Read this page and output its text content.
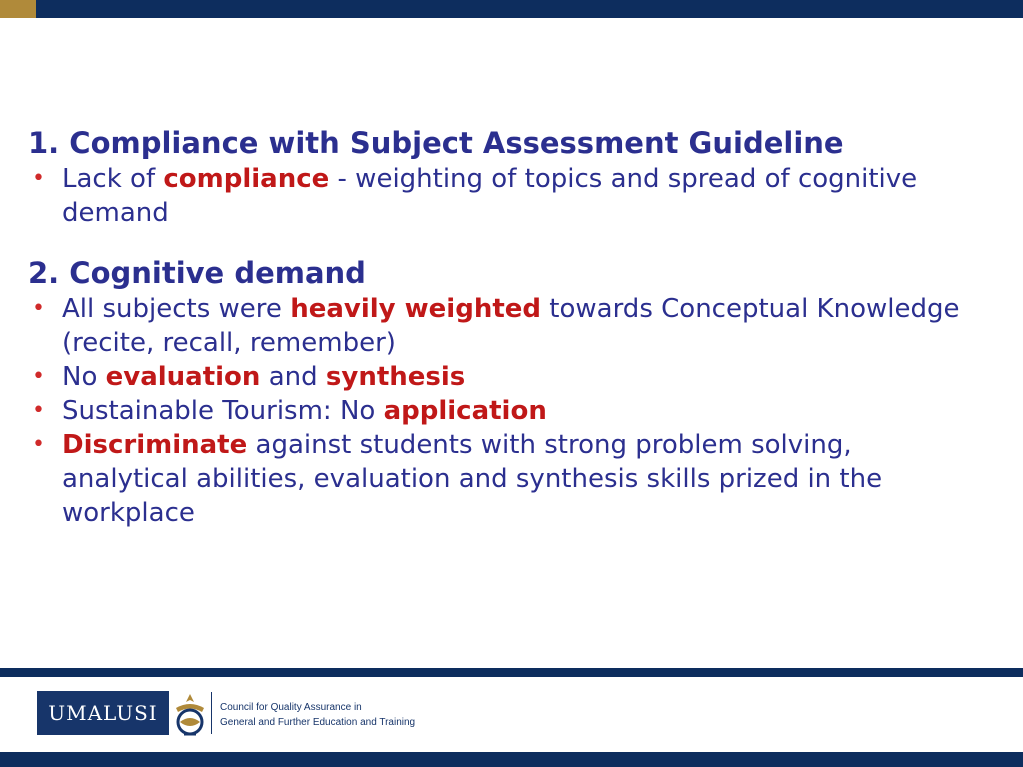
1. Compliance with Subject Assessment Guideline
• Lack of compliance - weighting of topics and spread of cognitive demand
2. Cognitive demand
• All subjects were heavily weighted towards Conceptual Knowledge (recite, recall, remember)
• No evaluation and synthesis
• Sustainable Tourism: No application
• Discriminate against students with strong problem solving, analytical abilities, evaluation and synthesis skills prized in the workplace
UMALUSI	Council for Quality Assurance in
General and Further Education and Training
